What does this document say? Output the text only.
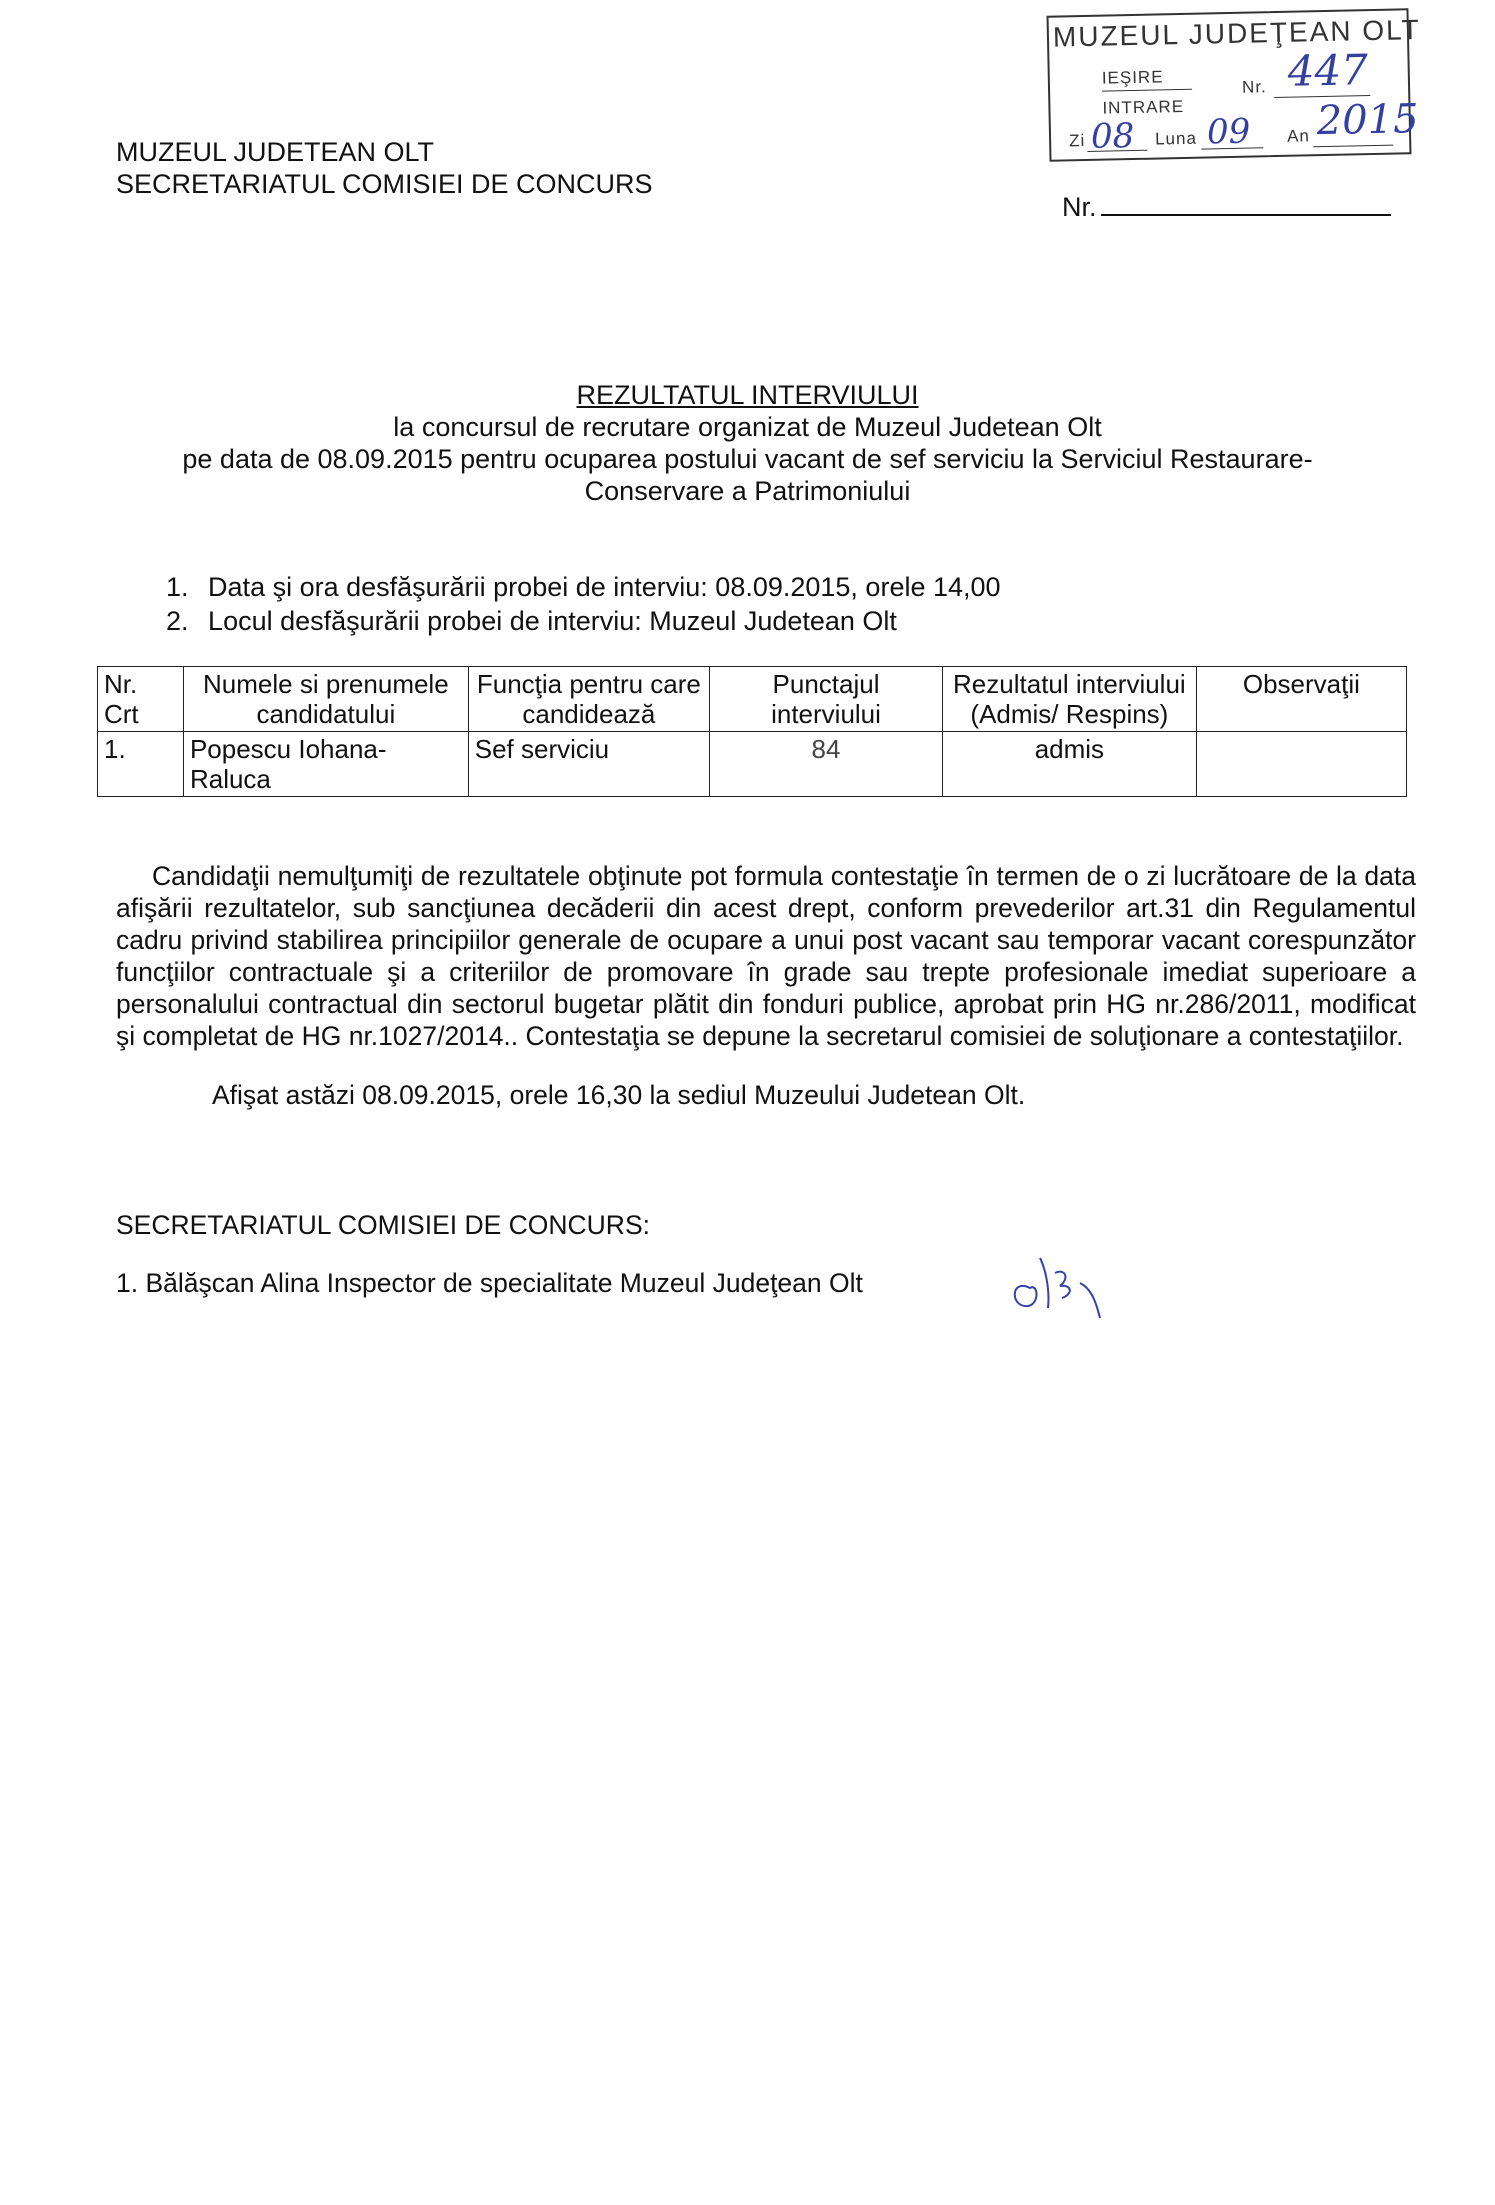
MUZEUL JUDEŢEAN OLT
IEŞIRE
INTRARE
Nr. 447
Zi 08 Luna 09 An 2015
MUZEUL JUDETEAN OLT
SECRETARIATUL COMISIEI DE CONCURS
Nr.
REZULTATUL INTERVIULUI
la concursul de recrutare organizat de Muzeul Judetean Olt
pe data de 08.09.2015 pentru ocuparea postului vacant de sef serviciu la Serviciul Restaurare-
Conservare a Patrimoniului
1. Data şi ora desfăşurării probei de interviu: 08.09.2015, orele 14,00
2. Locul desfăşurării probei de interviu: Muzeul Judetean Olt
Nr. Crt	Numele si prenumele candidatului	Funcţia pentru care candidează	Punctajul interviului	Rezultatul interviului (Admis/ Respins)	Observaţii
1.	Popescu Iohana-Raluca	Sef serviciu	84	admis	
Candidaţii nemulţumiţi de rezultatele obţinute pot formula contestaţie în termen de o zi lucrătoare de la data afişării rezultatelor, sub sancţiunea decăderii din acest drept, conform prevederilor art.31 din Regulamentul cadru privind stabilirea principiilor generale de ocupare a unui post vacant sau temporar vacant corespunzător funcţiilor contractuale şi a criteriilor de promovare în grade sau trepte profesionale imediat superioare a personalului contractual din sectorul bugetar plătit din fonduri publice, aprobat prin HG nr.286/2011, modificat şi completat de HG nr.1027/2014.. Contestaţia se depune la secretarul comisiei de soluţionare a contestaţiilor.
Afişat astăzi 08.09.2015, orele 16,30 la sediul Muzeului Judetean Olt.
SECRETARIATUL COMISIEI DE CONCURS:
1. Bălăşcan Alina Inspector de specialitate Muzeul Judeţean Olt
